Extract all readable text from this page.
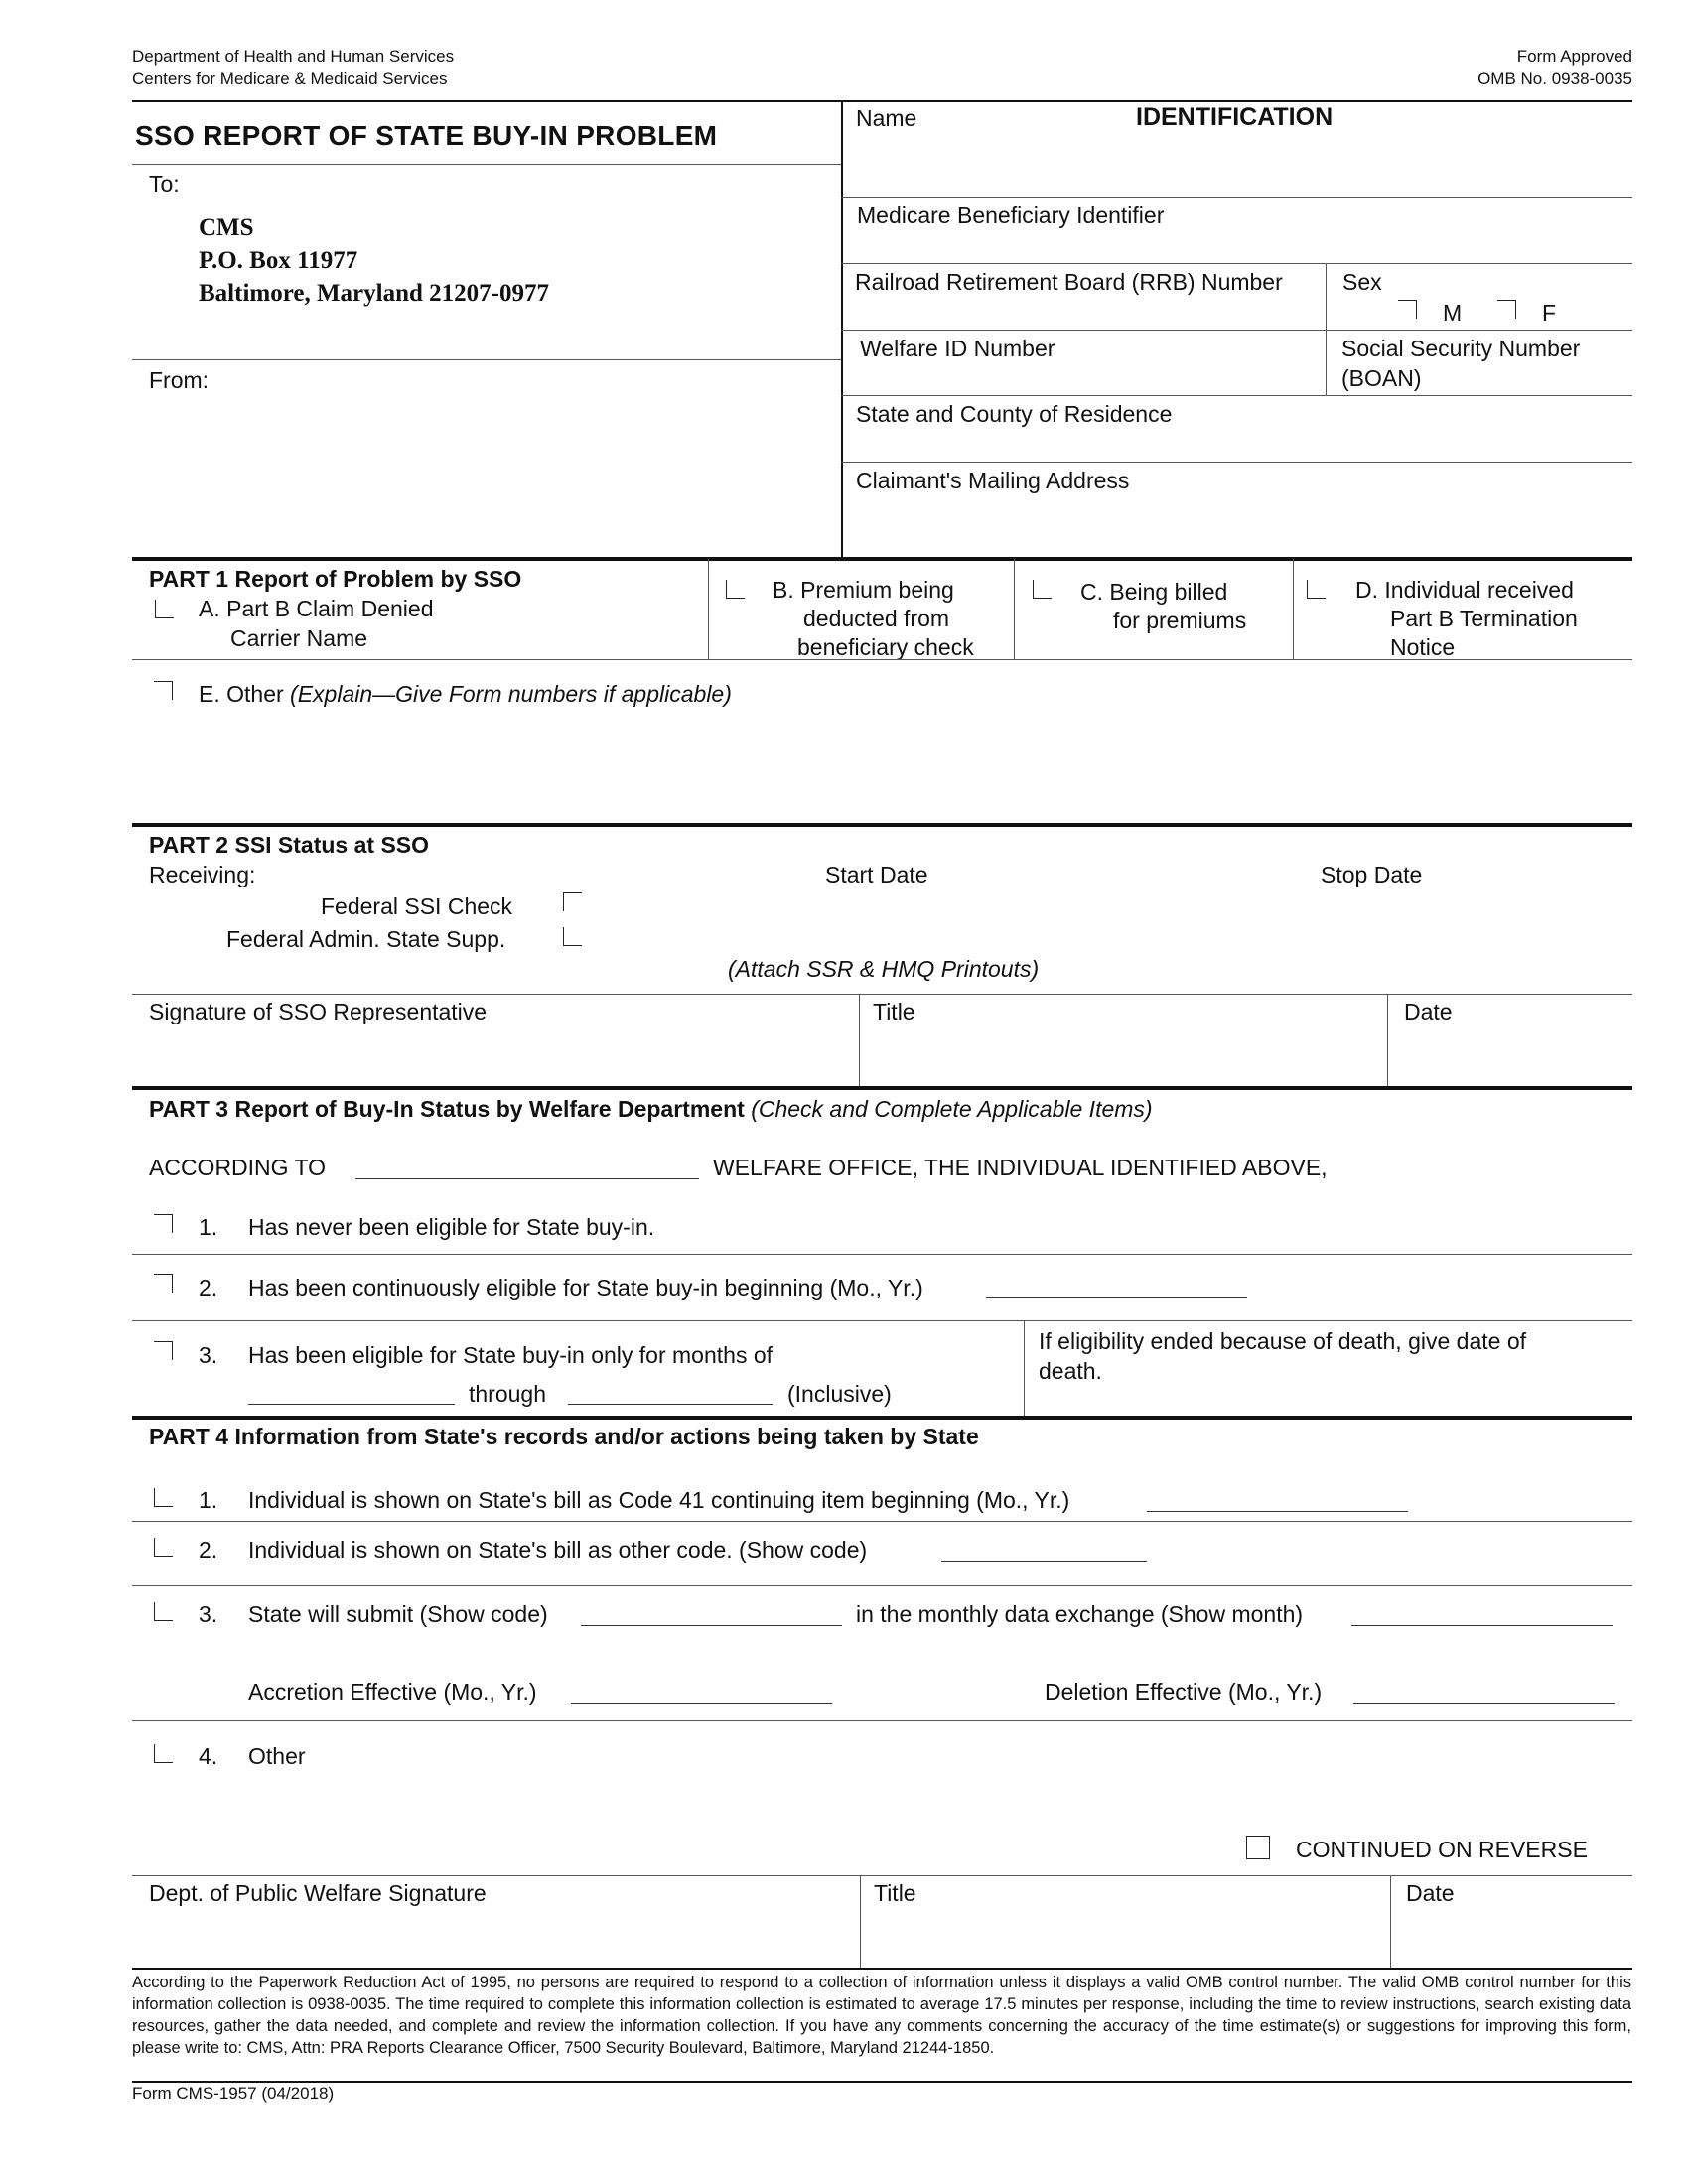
Department of Health and Human Services
Centers for Medicare & Medicaid Services
Form Approved
OMB No. 0938-0035
SSO REPORT OF STATE BUY-IN PROBLEM
To:
CMS
P.O. Box 11977
Baltimore, Maryland 21207-0977
From:
Name	IDENTIFICATION
Medicare Beneficiary Identifier
Railroad Retirement Board (RRB) Number	Sex
M	F
Welfare ID Number	Social Security Number
(BOAN)
State and County of Residence
Claimant's Mailing Address
PART 1 Report of Problem by SSO
A. Part B Claim Denied
Carrier Name
B. Premium being
deducted from
beneficiary check
C. Being billed
for premiums
D. Individual received
Part B Termination
Notice
E. Other (Explain—Give Form numbers if applicable)
PART 2 SSI Status at SSO
Receiving:	Start Date	Stop Date
Federal SSI Check
Federal Admin. State Supp.
(Attach SSR & HMQ Printouts)
Signature of SSO Representative	Title	Date
PART 3 Report of Buy-In Status by Welfare Department (Check and Complete Applicable Items)
ACCORDING TO	WELFARE OFFICE, THE INDIVIDUAL IDENTIFIED ABOVE,
1. Has never been eligible for State buy-in.
2. Has been continuously eligible for State buy-in beginning (Mo., Yr.)
3. Has been eligible for State buy-in only for months of
through	(Inclusive)
If eligibility ended because of death, give date of
death.
PART 4 Information from State's records and/or actions being taken by State
1. Individual is shown on State's bill as Code 41 continuing item beginning (Mo., Yr.)
2. Individual is shown on State's bill as other code. (Show code)
3. State will submit (Show code)	in the monthly data exchange (Show month)
Accretion Effective (Mo., Yr.)	Deletion Effective (Mo., Yr.)
4. Other
CONTINUED ON REVERSE
Dept. of Public Welfare Signature	Title	Date
According to the Paperwork Reduction Act of 1995, no persons are required to respond to a collection of information unless it displays a valid OMB control number. The valid OMB control number for this information collection is 0938-0035. The time required to complete this information collection is estimated to average 17.5 minutes per response, including the time to review instructions, search existing data resources, gather the data needed, and complete and review the information collection. If you have any comments concerning the accuracy of the time estimate(s) or suggestions for improving this form, please write to: CMS, Attn: PRA Reports Clearance Officer, 7500 Security Boulevard, Baltimore, Maryland 21244-1850.
Form CMS-1957 (04/2018)
